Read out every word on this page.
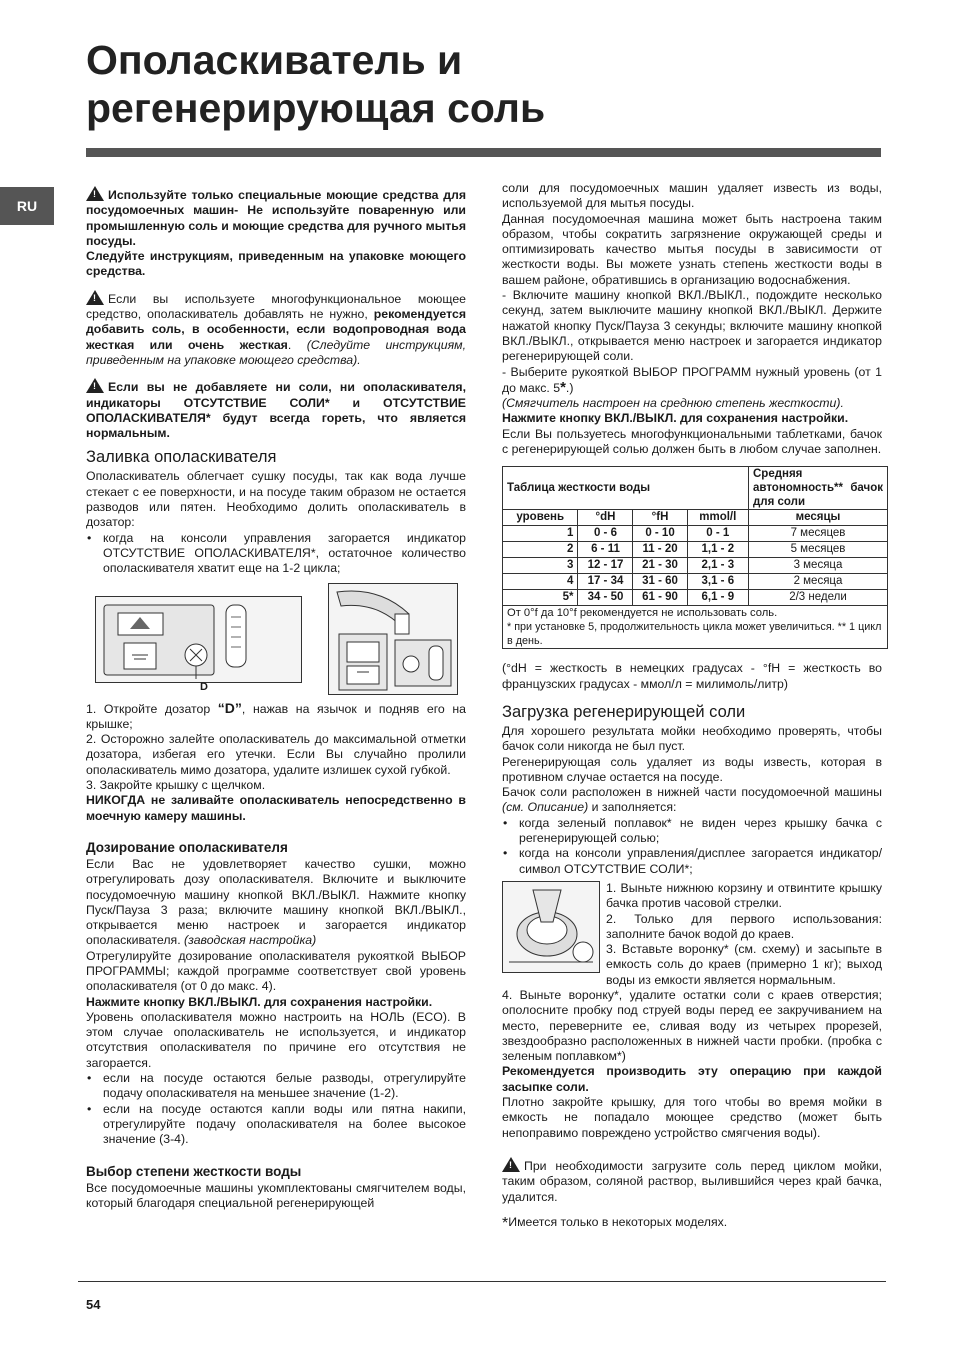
Ополаскиватель и
регенерирующая соль
RU

!Используйте только специальные моющие средства для посудомоечных машин- Не используйте поваренную или промышленную соль и моющие средства для ручного мытья посуды.

Следуйте инструкциям, приведенным на упаковке моющего средства.

!Если вы используете многофункциональное моющее средство, ополаскиватель добавлять не нужно, рекомендуется добавить соль, в особенности, если водопроводная вода жесткая или очень жесткая. (Следуйте инструкциям, приведенным на упаковке моющего средства).

!Если вы не добавляете ни соли, ни ополаскивателя, индикаторы ОТСУТСТВИЕ СОЛИ* и ОТСУТСТВИЕ ОПОЛАСКИВАТЕЛЯ* будут всегда гореть, что является нормальным.

Заливка ополаскивателя

Ополаскиватель облегчает сушку посуды, так как вода лучше стекает с ее поверхности, и на посуде таким образом не остается разводов или пятен. Необходимо долить ополаскиватель в дозатор:

• когда на консоли управления загорается индикатор ОТСУТСТВИЕ ОПОЛАСКИВАТЕЛЯ*, остаточное количество ополаскивателя хватит еще на 1-2 цикла;
D

1. Откройте дозатор “D”, нажав на язычок и подняв его на крышке;

2. Осторожно залейте ополаскиватель до максимальной отметки дозатора, избегая его утечки. Если Вы случайно пролили ополаскиватель мимо дозатора, удалите излишек сухой губкой.

3. Закройте крышку с щелчком.

НИКОГДА не заливайте ополаскиватель непосредственно в моечную камеру машины.

Дозирование ополаскивателя

Если Вас не удовлетворяет качество сушки, можно отрегулировать дозу ополаскивателя. Включите и выключите посудомоечную машину кнопкой ВКЛ./ВЫКЛ. Нажмите кнопку Пуск/Пауза 3 раза; включите машину кнопкой ВКЛ./ВЫКЛ., открывается меню настроек и загорается индикатор ополаскивателя. (заводская настройка)

Отрегулируйте дозирование ополаскивателя рукояткой ВЫБОР ПРОГРАММЫ; каждой программе соответствует свой уровень ополаскивателя (от 0 до макс. 4).

Нажмите кнопку ВКЛ./ВЫКЛ. для сохранения настройки.

Уровень ополаскивателя можно настроить на НОЛЬ (ECO). В этом случае ополаскиватель не используется, и индикатор отсутствия ополаскивателя по причине его отсутствия не загорается.

• если на посуде остаются белые разводы, отрегулируйте подачу ополаскивателя на меньшее значение (1-2).
• если на посуде остаются капли воды или пятна накипи, отрегулируйте подачу ополаскивателя на более высокое значение (3-4).
Выбор степени жесткости воды

Все посудомоечные машины укомплектованы смягчителем воды, который благодаря специальной регенерирующей

соли для посудомоечных машин удаляет известь из воды, используемой для мытья посуды.

Данная посудомоечная машина может быть настроена таким образом, чтобы сократить загрязнение окружающей среды и оптимизировать качество мытья посуды в зависимости от жесткости воды. Вы можете узнать степень жесткости воды в вашем районе, обратившись в организацию водоснабжения.

- Включите машину кнопкой ВКЛ./ВЫКЛ., подождите несколько секунд, затем выключите машину кнопкой ВКЛ./ВЫКЛ. Держите нажатой кнопку Пуск/Пауза 3 секунды; включите машину кнопкой ВКЛ./ВЫКЛ., открывается меню настроек и загорается индикатор регенерирующей соли.

- Выберите рукояткой ВЫБОР ПРОГРАММ нужный уровень (от 1 до макс. 5*.)

(Смягчитель настроен на среднюю степень жесткости).

Нажмите кнопку ВКЛ./ВЫКЛ. для сохранения настройки.

Если Вы пользуетесь многофункциональными таблетками, бачок с регенерирующей солью должен быть в любом случае заполнен.

Таблица жесткости воды				Средняя автономность** бачок для соли
уровень	°dH	°fH	mmol/l	месяцы
1	0 - 6	0 - 10	0 - 1	7 месяцев
2	6 - 11	11 - 20	1,1 - 2	5 месяцев
3	12 - 17	21 - 30	2,1 - 3	3 месяца
4	17 - 34	31 - 60	3,1 - 6	2 месяца
5*	34 - 50	61 - 90	6,1 - 9	2/3 недели
От 0°f да 10°f рекомендуется не использовать соль.
* при установке 5, продолжительность цикла может увеличиться. ** 1 цикл в день.				

(°dH = жесткость в немецких градусах - °fH = жесткость во французских градусах - ммол/л = милимоль/литр)

Загрузка регенерирующей соли

Для хорошего результата мойки необходимо проверять, чтобы бачок соли никогда не был пуст.

Регенерирующая соль удаляет из воды известь, которая в противном случае остается на посуде.

Бачок соли расположен в нижней части посудомоечной машины (см. Описание) и заполняется:

• когда зеленый поплавок* не виден через крышку бачка с регенерирующей солью;
• когда на консоли управления/дисплее загорается индикатор/символ ОТСУТСТВИЕ СОЛИ*;

1. Выньте нижнюю корзину и отвинтите крышку бачка против часовой стрелки.

2. Только для первого использования: заполните бачок водой до краев.

3. Вставьте воронку* (см. схему) и засыпьте в емкость соль до краев (примерно 1 кг); выход воды из емкости является нормальным.

4. Выньте воронку*, удалите остатки соли с краев отверстия; ополосните пробку под струей воды перед ее закручиванием на место, переверните ее, сливая воду из четырех прорезей, звездообразно расположенных в нижней части пробки. (пробка с зеленым поплавком*)

Рекомендуется производить эту операцию при каждой засыпке соли.

Плотно закройте крышку, для того чтобы во время мойки в емкость не попадало моющее средство (может быть непоправимо повреждено устройство смягчения воды).

!При необходимости загрузите соль перед циклом мойки, таким образом, соляной раствор, вылившийся через край бачка, удалится.

*Имеется только в некоторых моделях.

54
